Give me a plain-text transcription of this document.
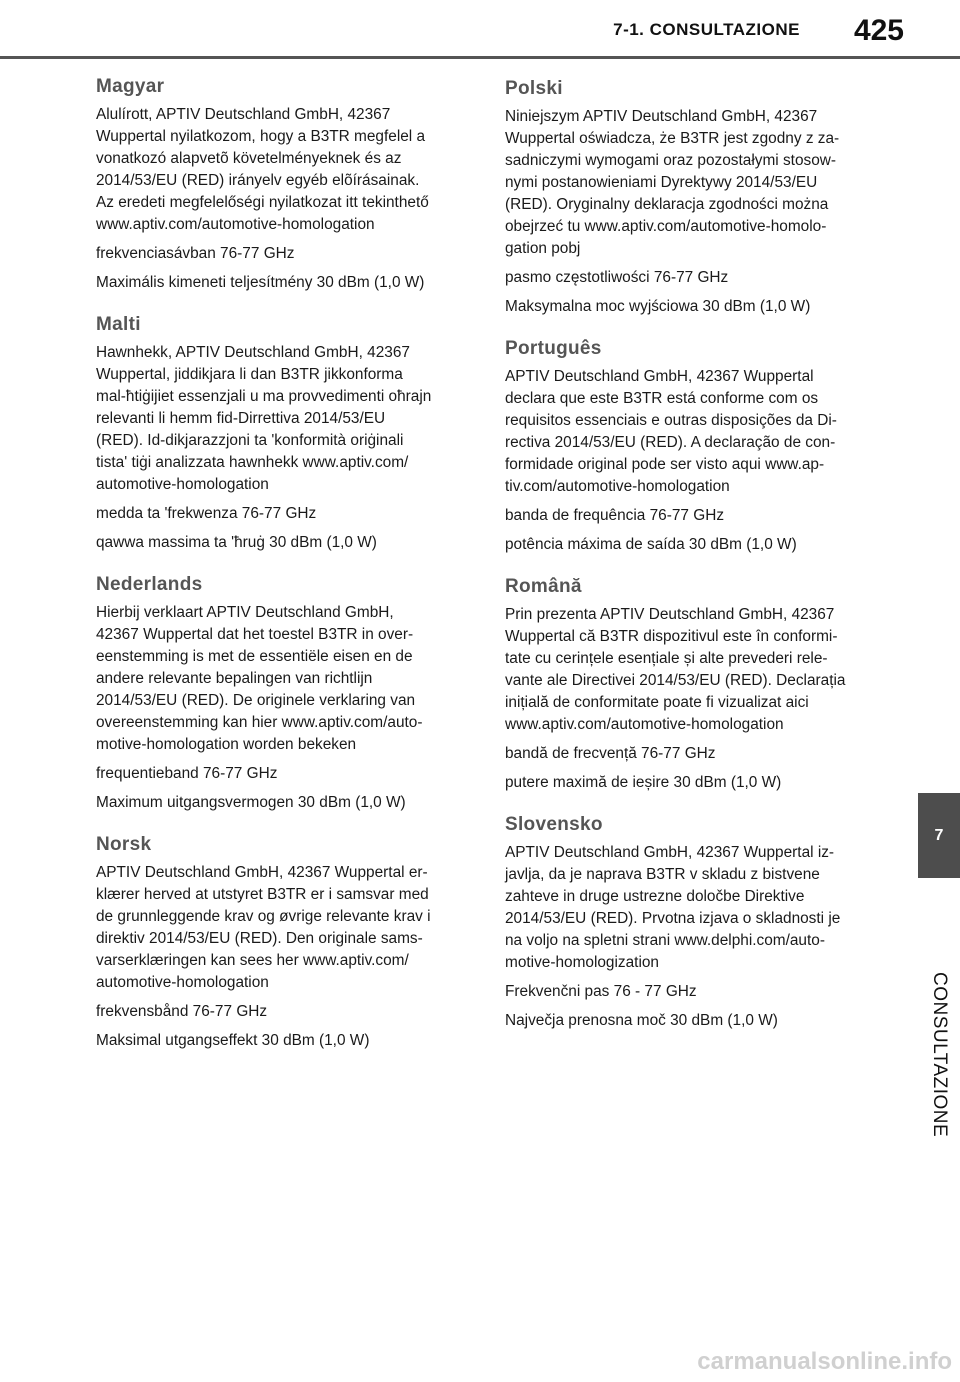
7-1. CONSULTAZIONE 425
7
CONSULTAZIONE
Magyar

Alulírott, APTIV Deutschland GmbH, 42367
Wuppertal nyilatkozom, hogy a B3TR megfelel a
vonatkozó alapvetõ követelményeknek és az
2014/53/EU (RED) irányelv egyéb elõírásainak.
Az eredeti megfelelőségi nyilatkozat itt tekinthető
www.aptiv.com/automotive-homologation

frekvenciasávban 76-77 GHz

Maximális kimeneti teljesítmény 30 dBm (1,0 W)

Malti

Hawnhekk, APTIV Deutschland GmbH, 42367
Wuppertal, jiddikjara li dan B3TR jikkonforma
mal-ħtiġijiet essenzjali u ma provvedimenti oħrajn
relevanti li hemm fid-Dirrettiva 2014/53/EU
(RED). Id-dikjarazzjoni ta 'konformità oriġinali
tista' tiġi analizzata hawnhekk www.aptiv.com/
automotive-homologation

medda ta 'frekwenza 76-77 GHz

qawwa massima ta 'ħruġ 30 dBm (1,0 W)

Nederlands

Hierbij verklaart APTIV Deutschland GmbH,
42367 Wuppertal dat het toestel B3TR in over-
eenstemming is met de essentiële eisen en de
andere relevante bepalingen van richtlijn
2014/53/EU (RED). De originele verklaring van
overeenstemming kan hier www.aptiv.com/auto-
motive-homologation worden bekeken

frequentieband 76-77 GHz

Maximum uitgangsvermogen 30 dBm (1,0 W)

Norsk

APTIV Deutschland GmbH, 42367 Wuppertal er-
klærer herved at utstyret B3TR er i samsvar med
de grunnleggende krav og øvrige relevante krav i
direktiv 2014/53/EU (RED). Den originale sams-
varserklæringen kan sees her www.aptiv.com/
automotive-homologation

frekvensbånd 76-77 GHz

Maksimal utgangseffekt 30 dBm (1,0 W)

Polski

Niniejszym APTIV Deutschland GmbH, 42367
Wuppertal oświadcza, że B3TR jest zgodny z za-
sadniczymi wymogami oraz pozostałymi stosow-
nymi postanowieniami Dyrektywy 2014/53/EU
(RED). Oryginalny deklaracja zgodności można
obejrzeć tu www.aptiv.com/automotive-homolo-
gation pobj

pasmo częstotliwości 76-77 GHz

Maksymalna moc wyjściowa 30 dBm (1,0 W)

Português

APTIV Deutschland GmbH, 42367 Wuppertal
declara que este B3TR está conforme com os
requisitos essenciais e outras disposições da Di-
rectiva 2014/53/EU (RED). A declaração de con-
formidade original pode ser visto aqui www.ap-
tiv.com/automotive-homologation

banda de frequência 76-77 GHz

potência máxima de saída 30 dBm (1,0 W)

Română

Prin prezenta APTIV Deutschland GmbH, 42367
Wuppertal că B3TR dispozitivul este în conformi-
tate cu cerințele esențiale și alte prevederi rele-
vante ale Directivei 2014/53/EU (RED). Declarația
inițială de conformitate poate fi vizualizat aici
www.aptiv.com/automotive-homologation

bandă de frecvență 76-77 GHz

putere maximă de ieșire 30 dBm (1,0 W)

Slovensko

APTIV Deutschland GmbH, 42367 Wuppertal iz-
javlja, da je naprava B3TR v skladu z bistvene
zahteve in druge ustrezne določbe Direktive
2014/53/EU (RED). Prvotna izjava o skladnosti je
na voljo na spletni strani www.delphi.com/auto-
motive-homologization

Frekvenčni pas 76 - 77 GHz

Največja prenosna moč 30 dBm (1,0 W)

carmanualsonline.info
